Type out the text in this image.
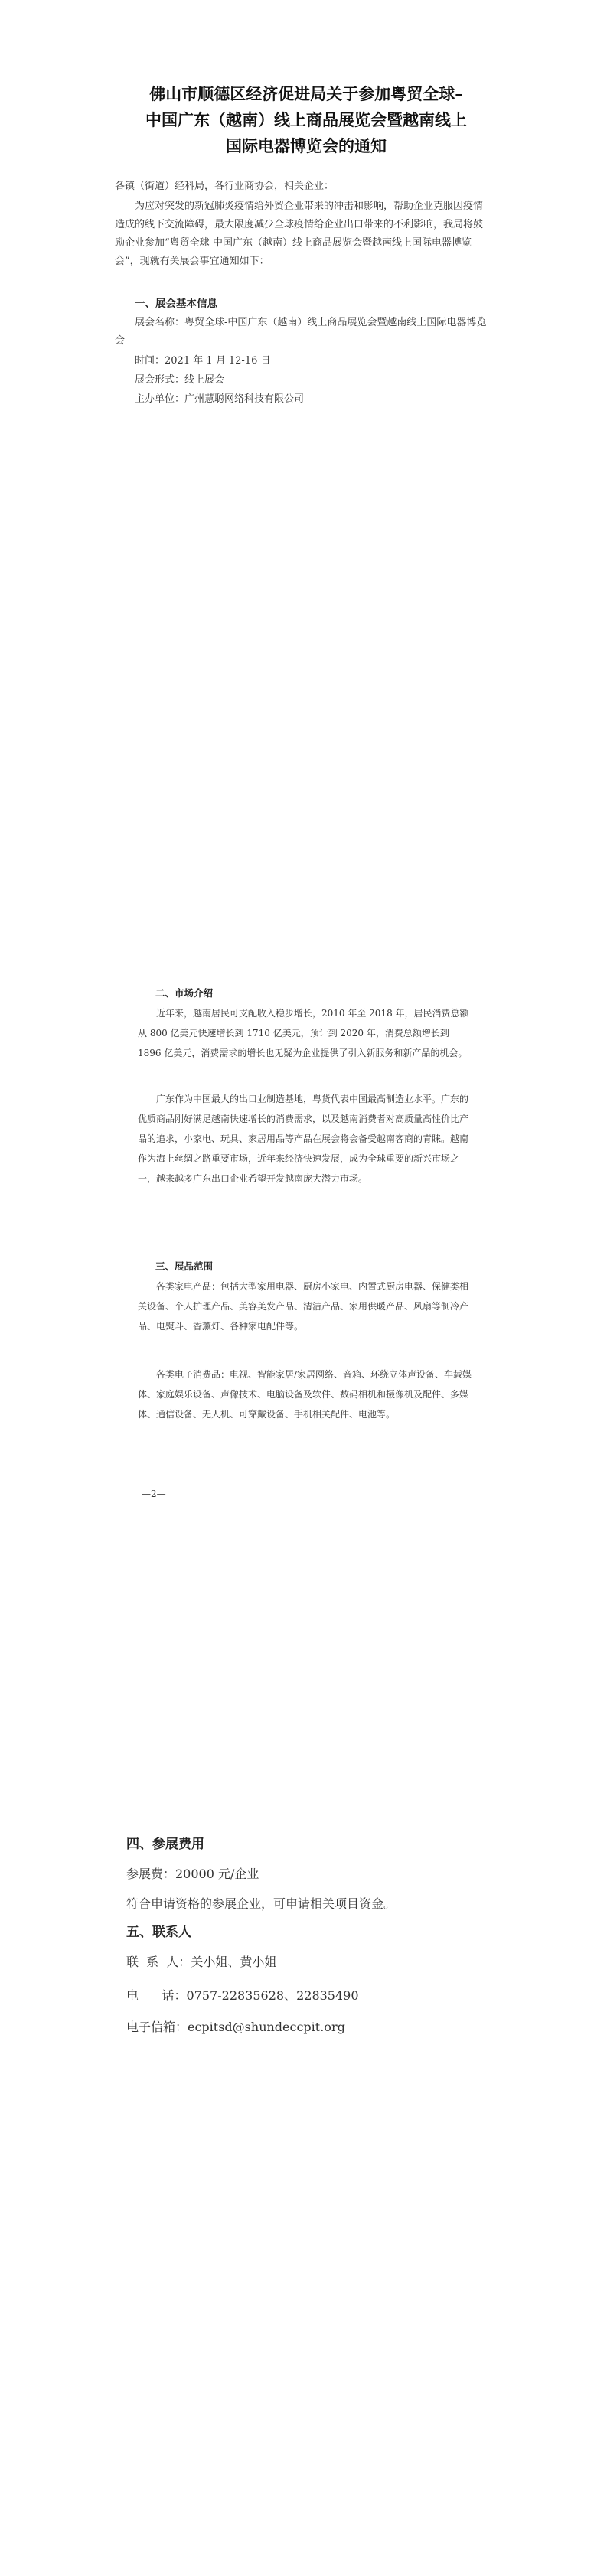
佛山市顺德区经济促进局关于参加粤贸全球–
中国广东（越南）线上商品展览会暨越南线上
国际电器博览会的通知
各镇（街道）经科局，各行业商协会，相关企业：
为应对突发的新冠肺炎疫情给外贸企业带来的冲击和影响，帮助企业克服因疫情造成的线下交流障碍，最大限度减少全球疫情给企业出口带来的不利影响，我局将鼓励企业参加“粤贸全球-中国广东（越南）线上商品展览会暨越南线上国际电器博览会”，现就有关展会事宜通知如下：
一、展会基本信息
展会名称：粤贸全球-中国广东（越南）线上商品展览会暨越南线上国际电器博览会
时间：2021 年 1 月 12-16 日
展会形式：线上展会
主办单位：广州慧聪网络科技有限公司
二、市场介绍
近年来，越南居民可支配收入稳步增长，2010 年至 2018 年，居民消费总额从 800 亿美元快速增长到 1710 亿美元，预计到 2020 年，消费总额增长到 1896 亿美元，消费需求的增长也无疑为企业提供了引入新服务和新产品的机会。
广东作为中国最大的出口业制造基地，粤货代表中国最高制造业水平。广东的优质商品刚好满足越南快速增长的消费需求，以及越南消费者对高质量高性价比产品的追求，小家电、玩具、家居用品等产品在展会将会备受越南客商的青睐。越南作为海上丝绸之路重要市场，近年来经济快速发展，成为全球重要的新兴市场之一，越来越多广东出口企业希望开发越南庞大潜力市场。
三、展品范围
各类家电产品：包括大型家用电器、厨房小家电、内置式厨房电器、保健类相关设备、个人护理产品、美容美发产品、清洁产品、家用供暖产品、风扇等制冷产品、电熨斗、香薰灯、各种家电配件等。
各类电子消费品：电视、智能家居/家居网络、音箱、环绕立体声设备、车载媒体、家庭娱乐设备、声像技术、电脑设备及软件、数码相机和摄像机及配件、多媒体、通信设备、无人机、可穿戴设备、手机相关配件、电池等。
—2—
四、参展费用
参展费：20000 元/企业
符合申请资格的参展企业，可申请相关项目资金。
五、联系人
联  系  人：关小姐、黄小姐
电      话：0757-22835628、22835490
电子信箱：ecpitsd@shundeccpit.org
